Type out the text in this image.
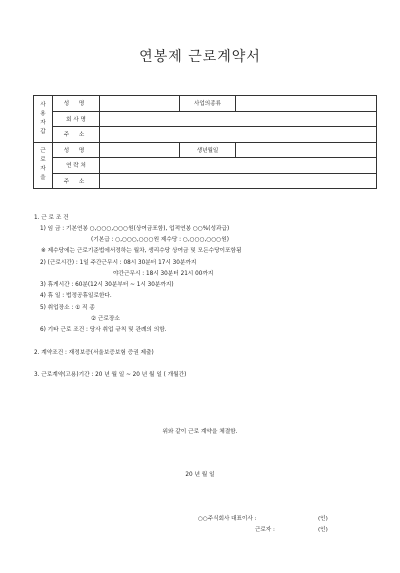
연봉제 근로계약서
사
용
자
갑	성 명		사업의종류	
	회 사 명			
	주 소			
근
로
자
을	성 명		생년월일	
	연 락 처			
	주 소			
1. 근 로 조 건
1) 임 금 : 기본연봉 ○,○○○,○○○원(상여금포함), 업적연봉 ○○%(성과급)
(기본급 : ○,○○○,○○○원 제수당 : ○,○○○,○○○원)
※ 제수당에는 근로기준법에서정하는 월차, 생리수당 상여금 및 모든수당이포함됨
2) (근로시간) : 1일 주간근무시 : 08시 30분터 17시 30분까지
야간근무시 : 18시 30분터 21시 00까지
3) 휴게시간 : 60분(12시 30분부터 ~ 1시 30분까지)
4) 휴 일 : 법정공휴일로한다.
5) 취업장소 : ① 직 종
② 근로장소
6) 기타 근로 조건 : 당사 취업 규칙 및 관례의 의함.
2. 계약조건 : 재정보증(서울보증보험 증권 제출)
3. 근로계약(고용)기간 : 20 년 월 일 ~ 20 년 월 일 ( 개월간)
위와 같이 근로 계약을 체결함.
20 년 월 일
○○주식회사 대표이사 :	(인)
근로자 :	(인)
